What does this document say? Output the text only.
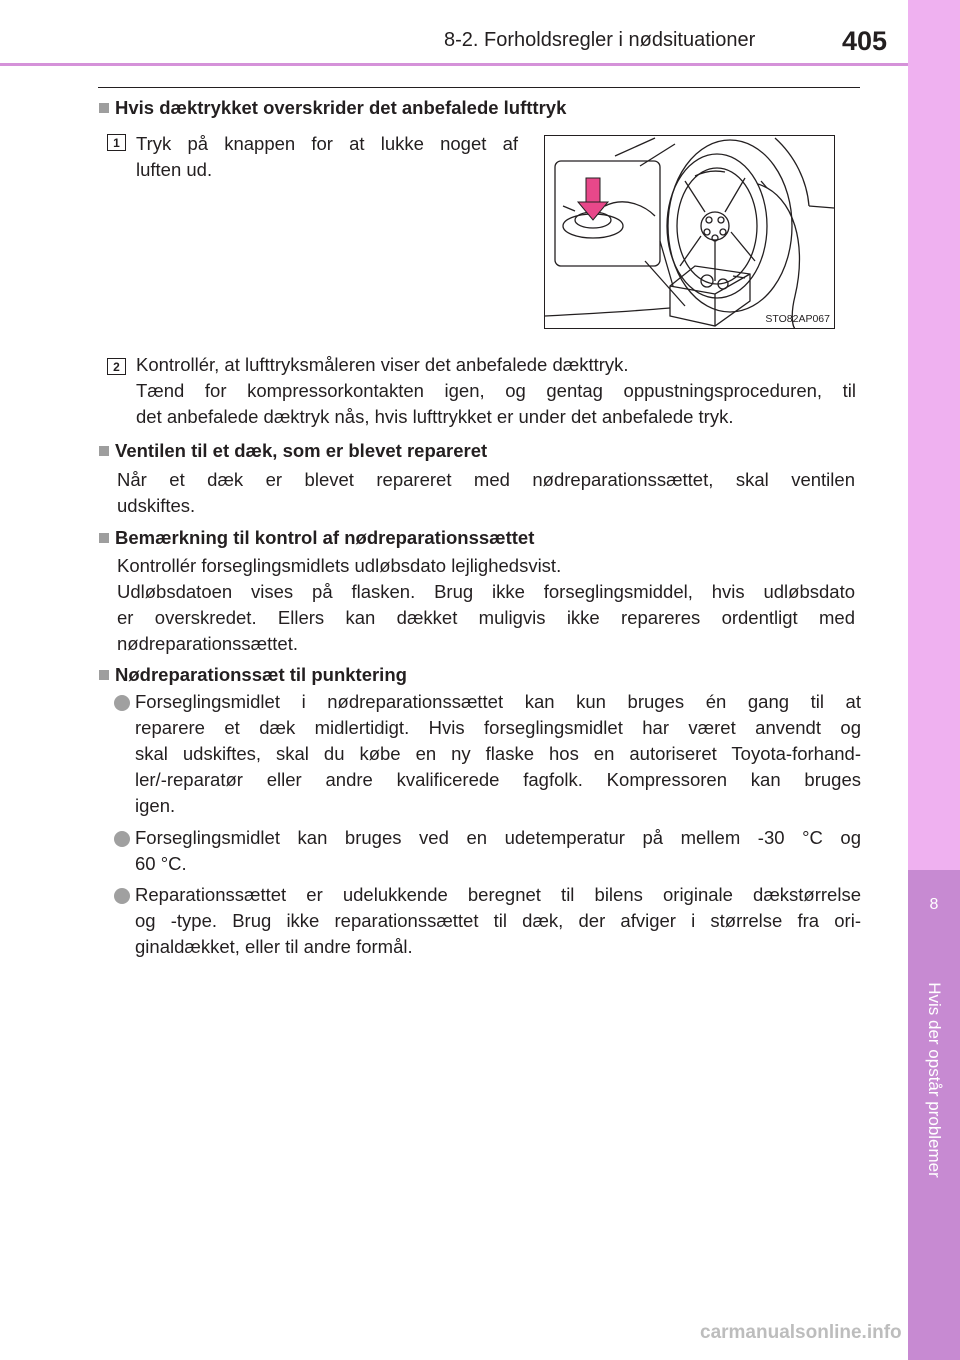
8-2. Forholdsregler i nødsituationer	405
8
Hvis der opstår problemer
Hvis dæktrykket overskrider det anbefalede lufttryk
1 Tryk på knappen for at lukke noget af
luften ud.
STO82AP067
2 Kontrollér, at lufttryksmåleren viser det anbefalede dækttryk.
Tænd for kompressorkontakten igen, og gentag oppustningsproceduren, til
det anbefalede dæktryk nås, hvis lufttrykket er under det anbefalede tryk.
Ventilen til et dæk, som er blevet repareret
Når et dæk er blevet repareret med nødreparationssættet, skal ventilen
udskiftes.
Bemærkning til kontrol af nødreparationssættet
Kontrollér forseglingsmidlets udløbsdato lejlighedsvist.
Udløbsdatoen vises på flasken. Brug ikke forseglingsmiddel, hvis udløbsdato
er overskredet. Ellers kan dækket muligvis ikke repareres ordentligt med
nødreparationssættet.
Nødreparationssæt til punktering
Forseglingsmidlet i nødreparationssættet kan kun bruges én gang til at
reparere et dæk midlertidigt. Hvis forseglingsmidlet har været anvendt og
skal udskiftes, skal du købe en ny flaske hos en autoriseret Toyota-forhand-
ler/-reparatør eller andre kvalificerede fagfolk. Kompressoren kan bruges
igen.
Forseglingsmidlet kan bruges ved en udetemperatur på mellem -30 °C og
60 °C.
Reparationssættet er udelukkende beregnet til bilens originale dækstørrelse
og -type. Brug ikke reparationssættet til dæk, der afviger i størrelse fra ori-
ginaldækket, eller til andre formål.
carmanualsonline.info
